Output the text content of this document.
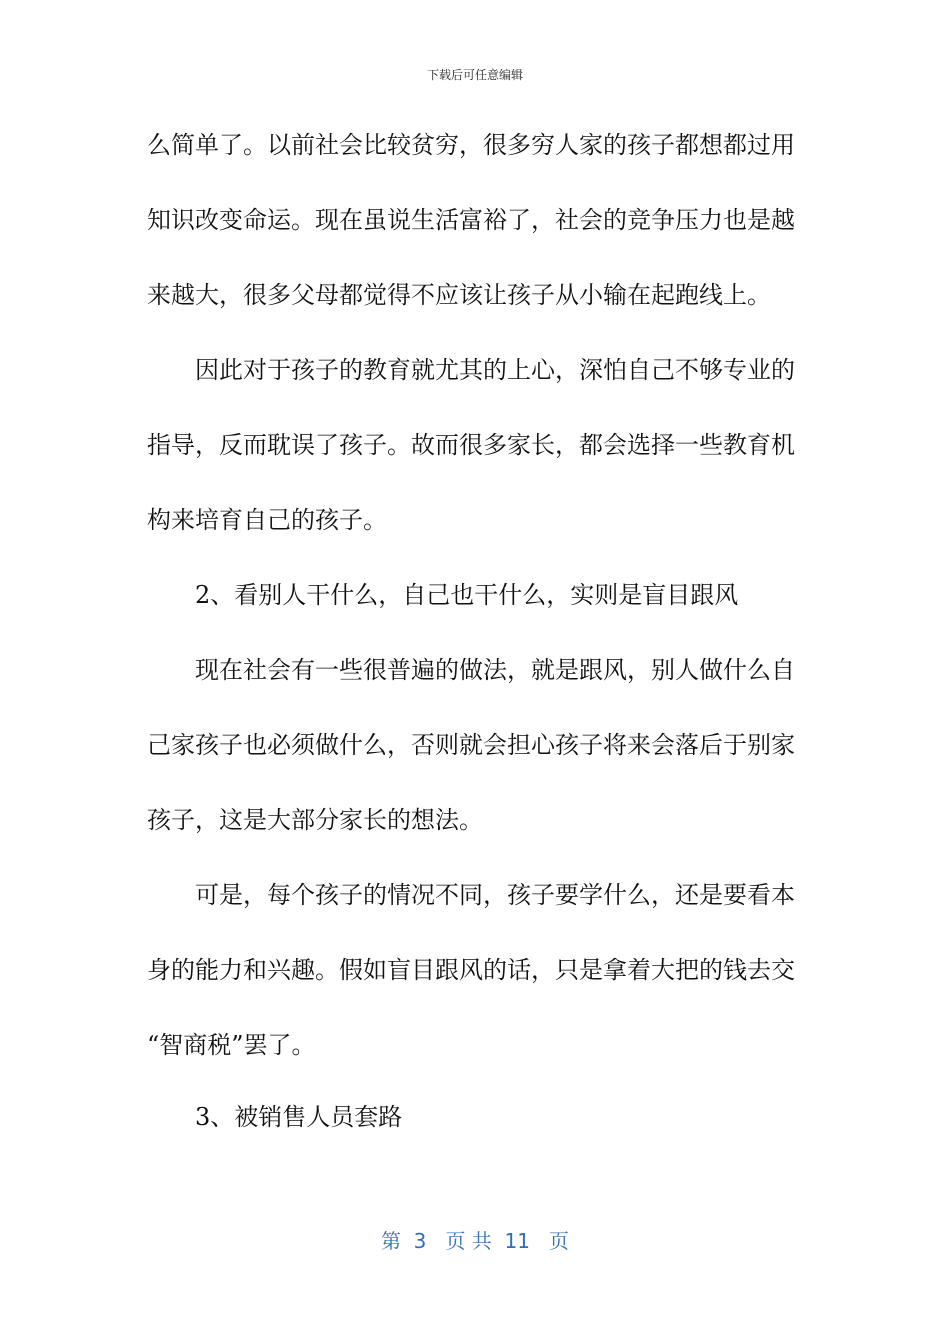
下载后可任意编辑
么简单了。以前社会比较贫穷，很多穷人家的孩子都想都过用
知识改变命运。现在虽说生活富裕了，社会的竞争压力也是越
来越大，很多父母都觉得不应该让孩子从小输在起跑线上。
因此对于孩子的教育就尤其的上心，深怕自己不够专业的
指导，反而耽误了孩子。故而很多家长，都会选择一些教育机
构来培育自己的孩子。
2、看别人干什么，自己也干什么，实则是盲目跟风
现在社会有一些很普遍的做法，就是跟风，别人做什么自
己家孩子也必须做什么，否则就会担心孩子将来会落后于别家
孩子，这是大部分家长的想法。
可是，每个孩子的情况不同，孩子要学什么，还是要看本
身的能力和兴趣。假如盲目跟风的话，只是拿着大把的钱去交
“智商税”罢了。
3、被销售人员套路
第  3   页 共  11   页
